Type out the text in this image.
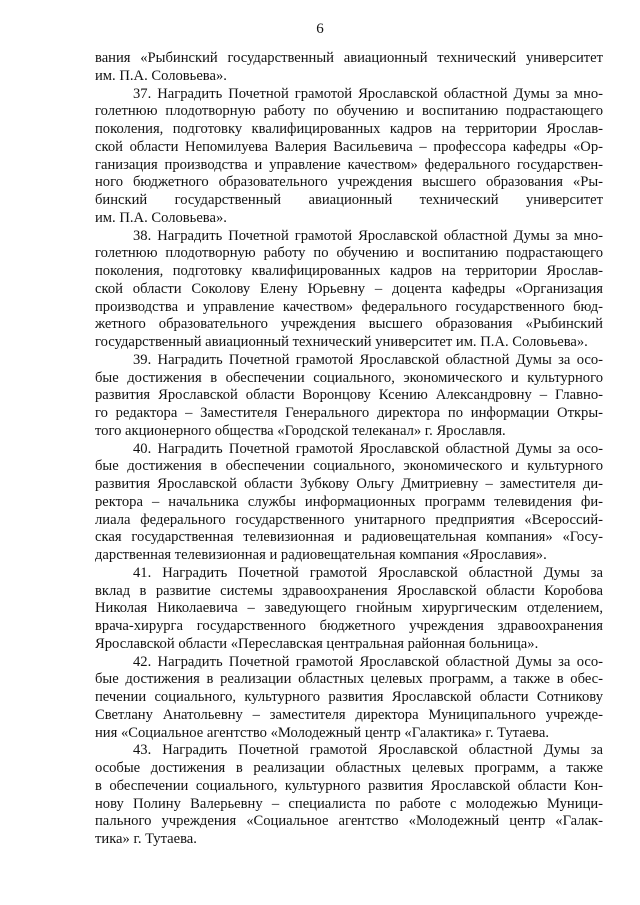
6
вания «Рыбинский государственный авиационный технический университет
им. П.А. Соловьева».
37. Наградить Почетной грамотой Ярославской областной Думы за мно-
голетнюю плодотворную работу по обучению и воспитанию подрастающего
поколения, подготовку квалифицированных кадров на территории Ярослав-
ской области Непомилуева Валерия Васильевича – профессора кафедры «Ор-
ганизация производства и управление качеством» федерального государствен-
ного бюджетного образовательного учреждения высшего образования «Ры-
бинский государственный авиационный технический университет
им. П.А. Соловьева».
38. Наградить Почетной грамотой Ярославской областной Думы за мно-
голетнюю плодотворную работу по обучению и воспитанию подрастающего
поколения, подготовку квалифицированных кадров на территории Ярослав-
ской области Соколову Елену Юрьевну – доцента кафедры «Организация
производства и управление качеством» федерального государственного бюд-
жетного образовательного учреждения высшего образования «Рыбинский
государственный авиационный технический университет им. П.А. Соловьева».
39. Наградить Почетной грамотой Ярославской областной Думы за осо-
бые достижения в обеспечении социального, экономического и культурного
развития Ярославской области Воронцову Ксению Александровну – Главно-
го редактора – Заместителя Генерального директора по информации Откры-
того акционерного общества «Городской телеканал» г. Ярославля.
40. Наградить Почетной грамотой Ярославской областной Думы за осо-
бые достижения в обеспечении социального, экономического и культурного
развития Ярославской области Зубкову Ольгу Дмитриевну – заместителя ди-
ректора – начальника службы информационных программ телевидения фи-
лиала федерального государственного унитарного предприятия «Всероссий-
ская государственная телевизионная и радиовещательная компания» «Госу-
дарственная телевизионная и радиовещательная компания «Ярославия».
41. Наградить Почетной грамотой Ярославской областной Думы за
вклад в развитие системы здравоохранения Ярославской области Коробова
Николая Николаевича – заведующего гнойным хирургическим отделением,
врача-хирурга государственного бюджетного учреждения здравоохранения
Ярославской области «Переславская центральная районная больница».
42. Наградить Почетной грамотой Ярославской областной Думы за осо-
бые достижения в реализации областных целевых программ, а также в обес-
печении социального, культурного развития Ярославской области Сотникову
Светлану Анатольевну – заместителя директора Муниципального учрежде-
ния «Социальное агентство «Молодежный центр «Галактика» г. Тутаева.
43. Наградить Почетной грамотой Ярославской областной Думы за
особые достижения в реализации областных целевых программ, а также
в обеспечении социального, культурного развития Ярославской области Кон-
нову Полину Валерьевну – специалиста по работе с молодежью Муници-
пального учреждения «Социальное агентство «Молодежный центр «Галак-
тика» г. Тутаева.
